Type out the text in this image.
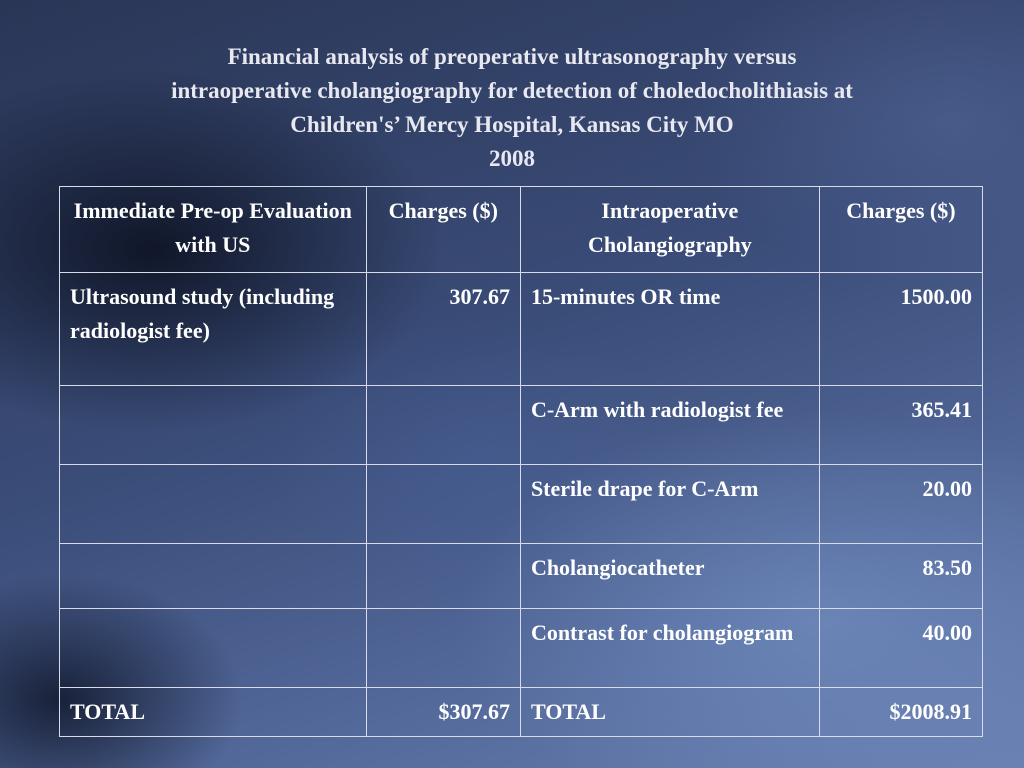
Financial analysis of preoperative ultrasonography versus
intraoperative cholangiography for detection of choledocholithiasis at
Children's’ Mercy Hospital, Kansas City MO
2008
Immediate Pre-op Evaluation with US	Charges ($)	Intraoperative Cholangiography	Charges ($)
Ultrasound study (including radiologist fee)	307.67	15-minutes OR time	1500.00
		C-Arm with radiologist fee	365.41
		Sterile drape for C-Arm	20.00
		Cholangiocatheter	83.50
		Contrast for cholangiogram	40.00
TOTAL	$307.67	TOTAL	$2008.91
